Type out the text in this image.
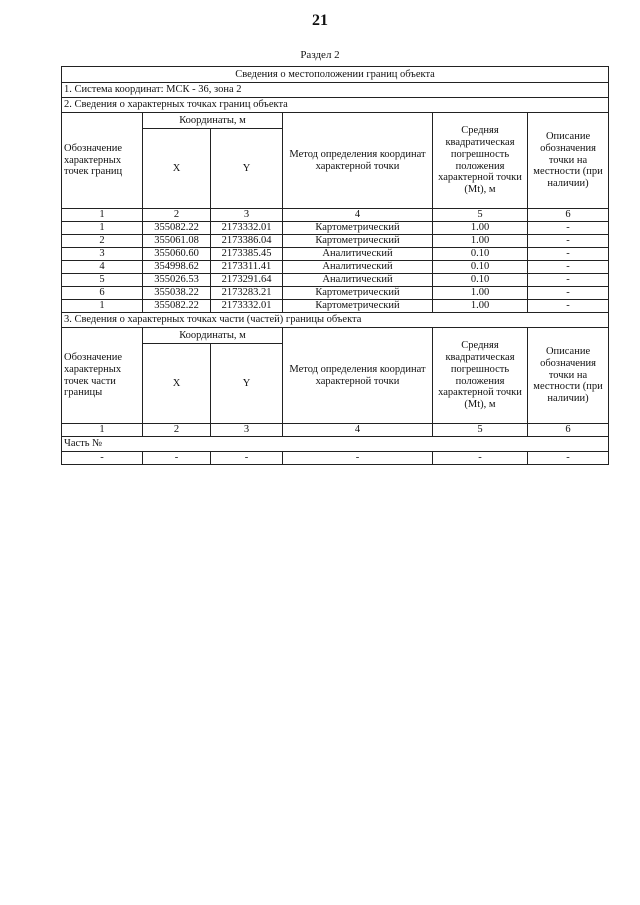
21
Раздел 2
Сведения о местоположении границ объекта					
1. Система координат: МСК - 36, зона 2					
2. Сведения о характерных точках границ объекта					
Обозначение характерных точек границ	Координаты, м		Метод определения координат характерной точки	Средняя квадратическая погрешность положения характерной точки (Mt), м	Описание обозначения точки на местности (при наличии)
	X	Y			
1	2	3	4	5	6
1	355082.22	2173332.01	Картометрический	1.00	-
2	355061.08	2173386.04	Картометрический	1.00	-
3	355060.60	2173385.45	Аналитический	0.10	-
4	354998.62	2173311.41	Аналитический	0.10	-
5	355026.53	2173291.64	Аналитический	0.10	-
6	355038.22	2173283.21	Картометрический	1.00	-
1	355082.22	2173332.01	Картометрический	1.00	-
3. Сведения о характерных точках части (частей) границы объекта					
Обозначение характерных точек части границы	Координаты, м		Метод определения координат характерной точки	Средняя квадратическая погрешность положения характерной точки (Mt), м	Описание обозначения точки на местности (при наличии)
	X	Y			
1	2	3	4	5	6
Часть №					
-	-	-	-	-	-
